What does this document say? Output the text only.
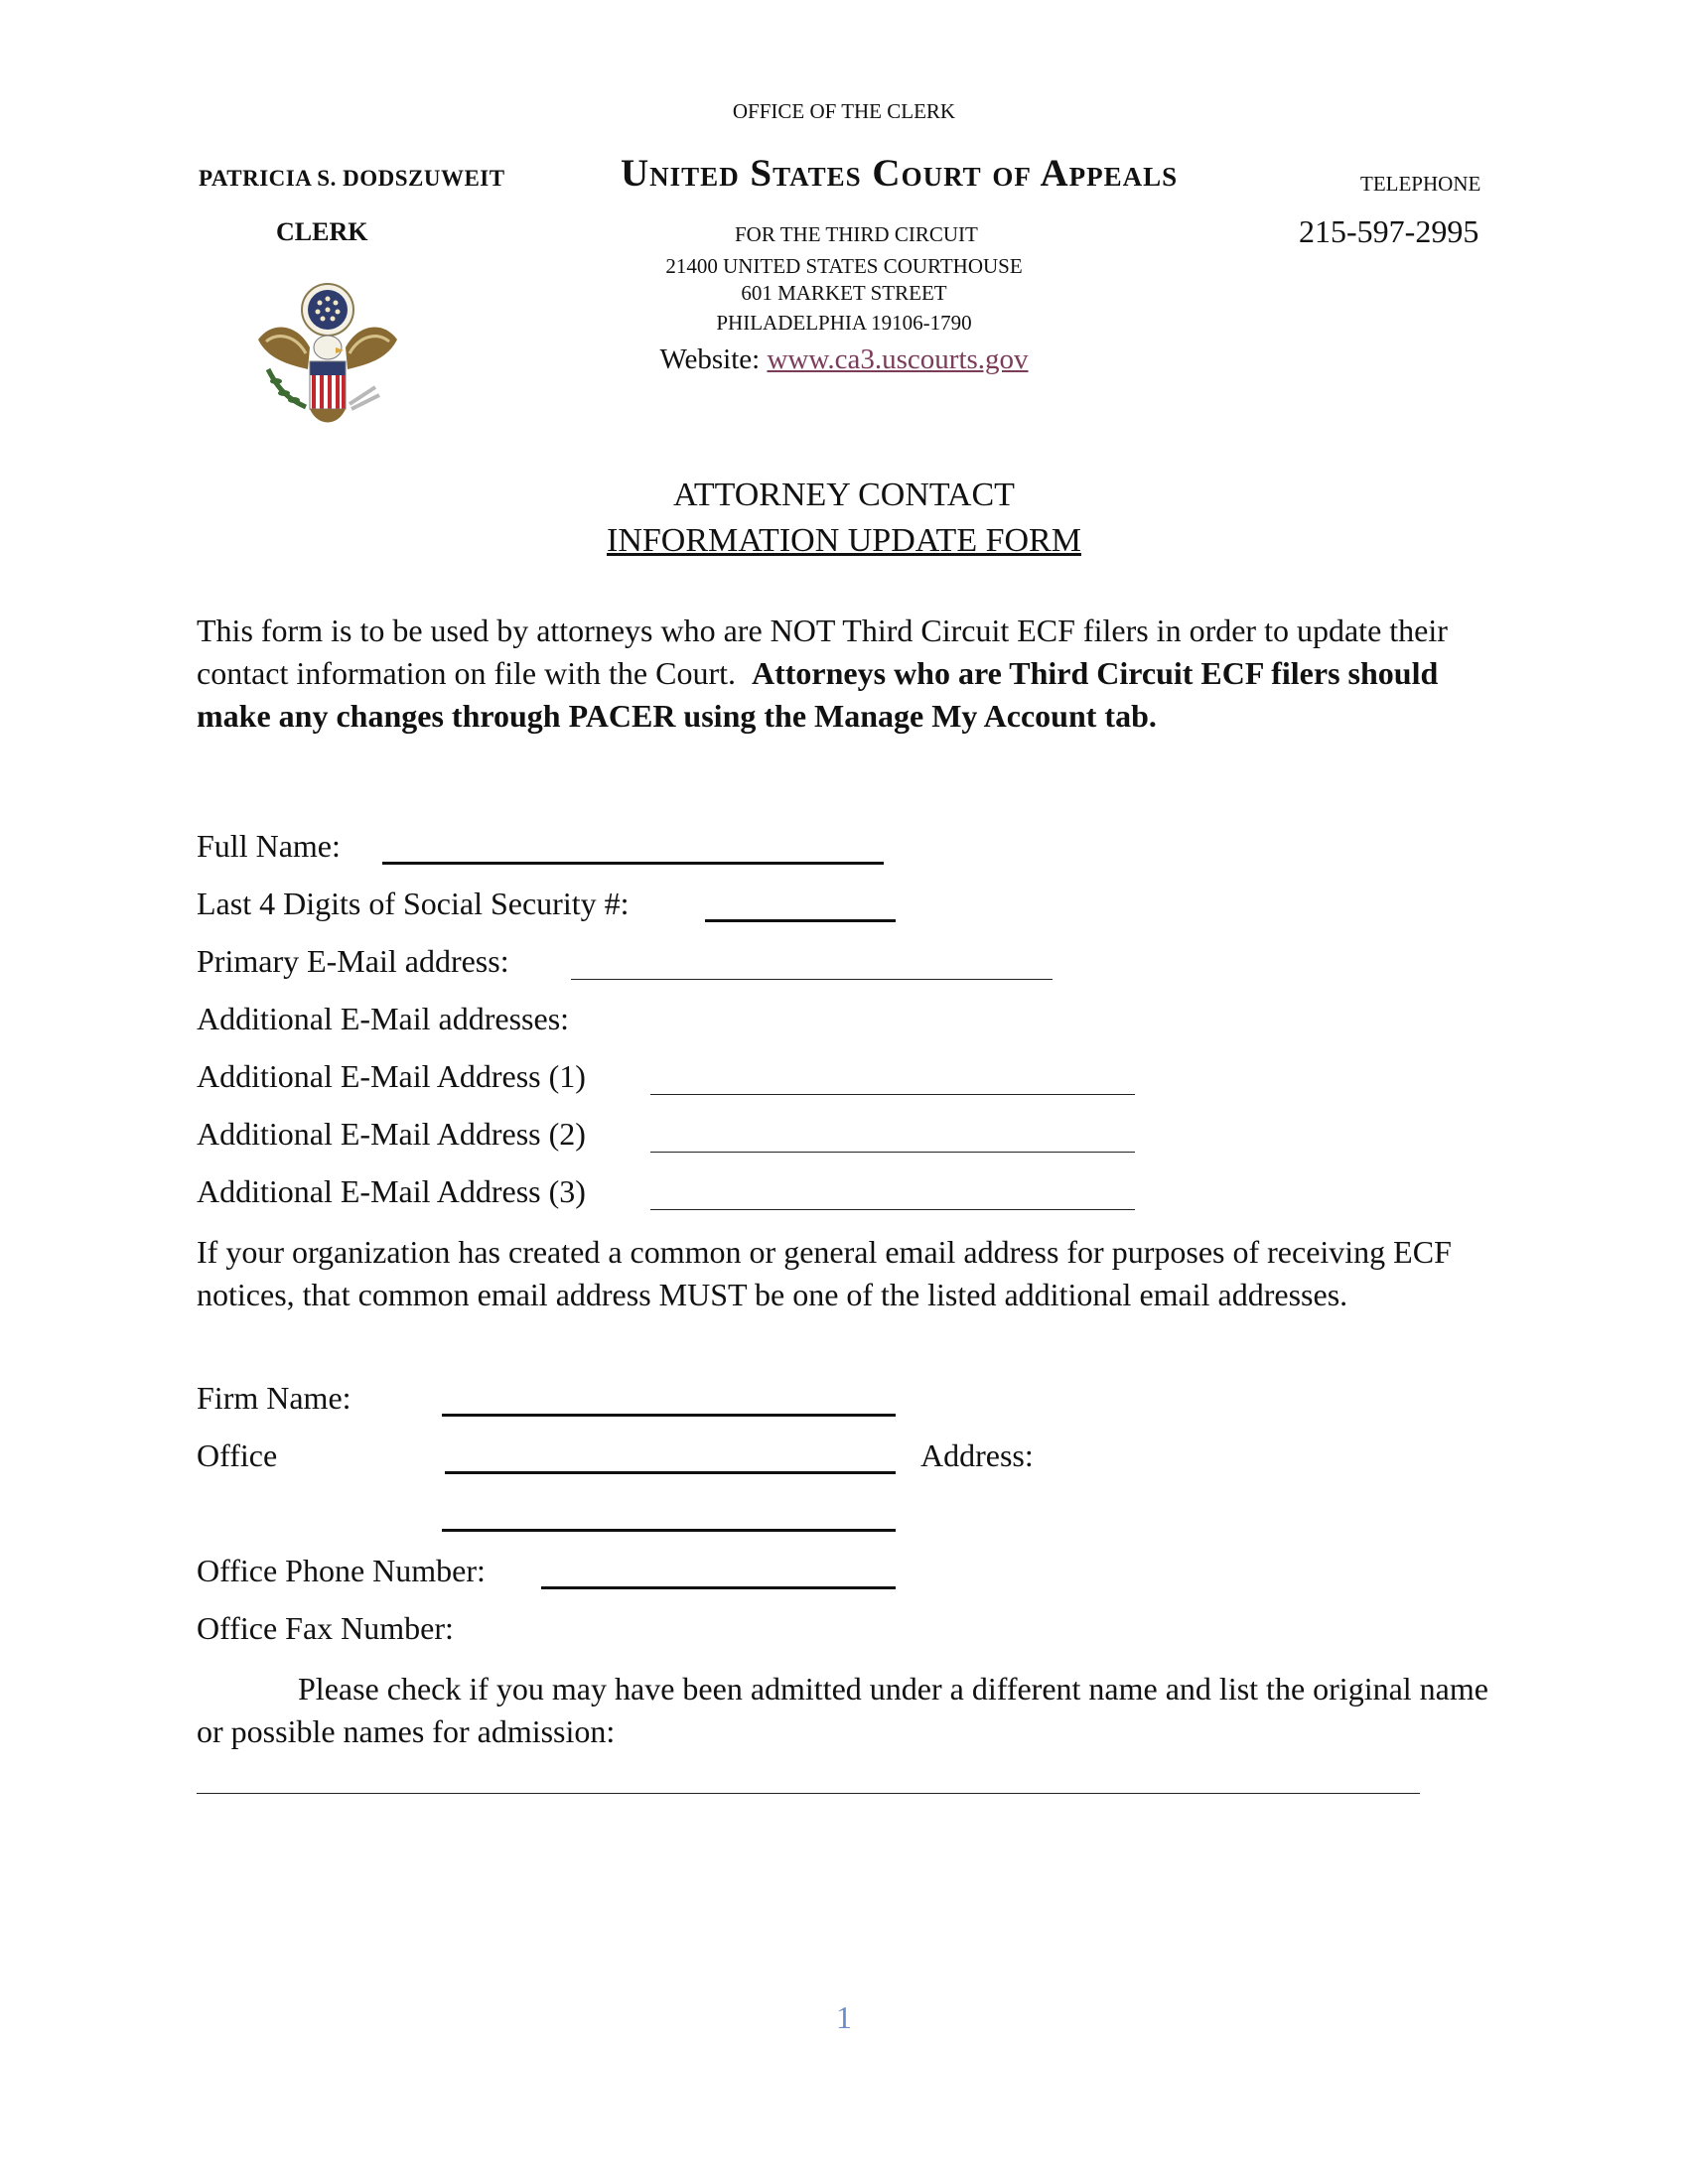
OFFICE OF THE CLERK
PATRICIA S. DODSZUWEIT
CLERK
United States Court of Appeals	TELEPHONE
215-597-2995
FOR THE THIRD CIRCUIT
21400 UNITED STATES COURTHOUSE
601 MARKET STREET
PHILADELPHIA 19106-1790
Website: www.ca3.uscourts.gov
ATTORNEY CONTACT
INFORMATION UPDATE FORM
This form is to be used by attorneys who are NOT Third Circuit ECF filers in order to update their contact information on file with the Court. Attorneys who are Third Circuit ECF filers should make any changes through PACER using the Manage My Account tab.
Full Name:
Last 4 Digits of Social Security #:
Primary E-Mail address:
Additional E-Mail addresses:
Additional E-Mail Address (1)
Additional E-Mail Address (2)
Additional E-Mail Address (3)
If your organization has created a common or general email address for purposes of receiving ECF notices, that common email address MUST be one of the listed additional email addresses.
Firm Name:
Office	Address:
Office Phone Number:
Office Fax Number:
Please check if you may have been admitted under a different name and list the original name or possible names for admission:
1
